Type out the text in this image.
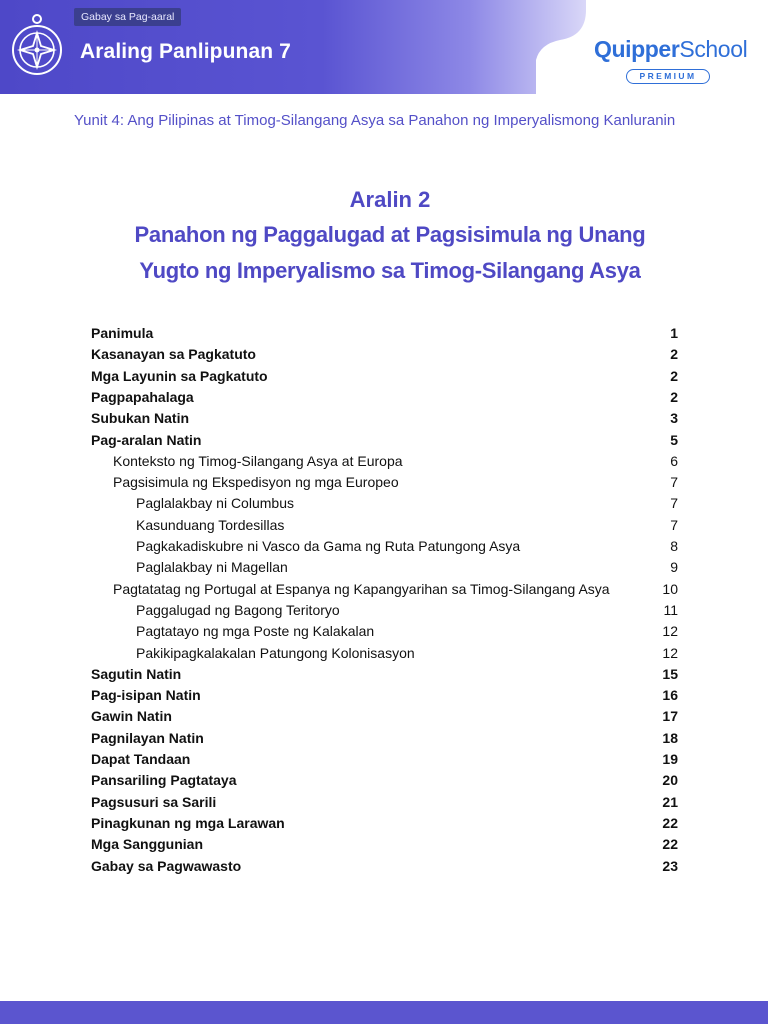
Gabay sa Pag-aaral
Araling Panlipunan 7	QuipperSchool
PREMIUM
Yunit 4: Ang Pilipinas at Timog-Silangang Asya sa Panahon ng Imperyalismong Kanluranin
Aralin 2
Panahon ng Paggalugad at Pagsisimula ng Unang
Yugto ng Imperyalismo sa Timog-Silangang Asya
Panimula	1
Kasanayan sa Pagkatuto	2
Mga Layunin sa Pagkatuto	2
Pagpapahalaga	2
Subukan Natin	3
Pag-aralan Natin	5
Konteksto ng Timog-Silangang Asya at Europa	6
Pagsisimula ng Ekspedisyon ng mga Europeo	7
Paglalakbay ni Columbus	7
Kasunduang Tordesillas	7
Pagkakadiskubre ni Vasco da Gama ng Ruta Patungong Asya	8
Paglalakbay ni Magellan	9
Pagtatatag ng Portugal at Espanya ng Kapangyarihan sa Timog-Silangang Asya	10
Paggalugad ng Bagong Teritoryo	11
Pagtatayo ng mga Poste ng Kalakalan	12
Pakikipagkalakalan Patungong Kolonisasyon	12
Sagutin Natin	15
Pag-isipan Natin	16
Gawin Natin	17
Pagnilayan Natin	18
Dapat Tandaan	19
Pansariling Pagtataya	20
Pagsusuri sa Sarili	21
Pinagkunan ng mga Larawan	22
Mga Sanggunian	22
Gabay sa Pagwawasto	23
